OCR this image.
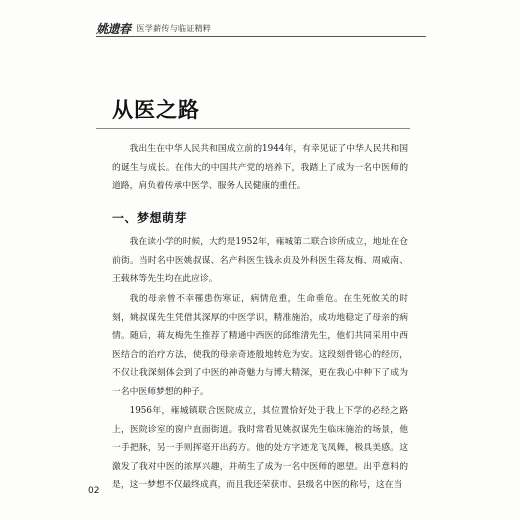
姚遗春 医学薪传与临证精粹
从医之路

我出生在中华人民共和国成立前的1944年，有幸见证了中华人民共和国的诞生与成长。在伟大的中国共产党的培养下，我踏上了成为一名中医师的道路，肩负着传承中医学、服务人民健康的重任。

一、梦想萌芽

我在读小学的时候，大约是1952年，雍城第二联合诊所成立，地址在仓前街。当时名中医姚叔谋、名产科医生钱永贞及外科医生蒋友梅、周威南、王载林等先生均在此应诊。

我的母亲曾不幸罹患伤寒证，病情危重，生命垂危。在生死攸关的时刻，姚叔谋先生凭借其深厚的中医学识，精准施治，成功地稳定了母亲的病情。随后，蒋友梅先生推荐了精通中西医的邱维清先生，他们共同采用中西医结合的治疗方法，使我的母亲奇迹般地转危为安。这段刻骨铭心的经历，不仅让我深刻体会到了中医的神奇魅力与博大精深，更在我心中种下了成为一名中医师梦想的种子。

1956年，雍城镇联合医院成立，其位置恰好处于我上下学的必经之路上，医院诊室的窗户直面街道。我时常看见姚叔谋先生临床施治的场景，他一手把脉，另一手则挥毫开出药方。他的处方字迹龙飞凤舞，极具美感。这激发了我对中医的浓厚兴趣，并萌生了成为一名中医师的愿望。出乎意料的是，这一梦想不仅最终成真，而且我还荣获市、县级名中医的称号，这在当

02
